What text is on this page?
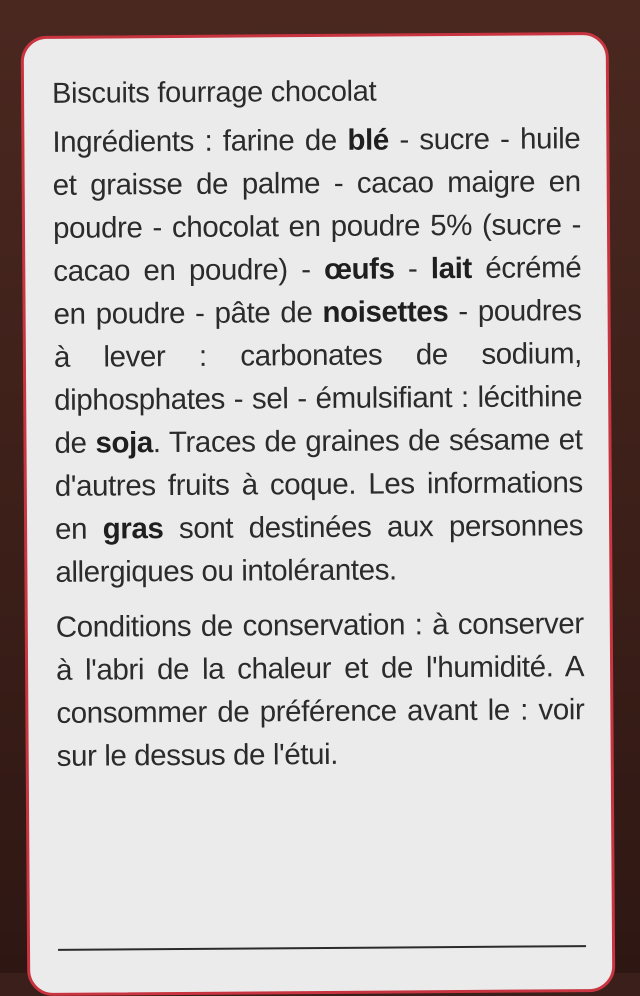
Biscuits fourrage chocolat
Ingrédients : farine de blé - sucre - huile et graisse de palme - cacao maigre en poudre - chocolat en poudre 5% (sucre - cacao en poudre) - œufs - lait écrémé en poudre - pâte de noisettes - poudres à lever : carbonates de sodium, diphosphates - sel - émulsifiant : lécithine de soja. Traces de graines de sésame et d'autres fruits à coque. Les informations en gras sont destinées aux personnes allergiques ou intolérantes.
Conditions de conservation : à conserver à l'abri de la chaleur et de l'humidité. A consommer de préférence avant le : voir sur le dessus de l'étui.
